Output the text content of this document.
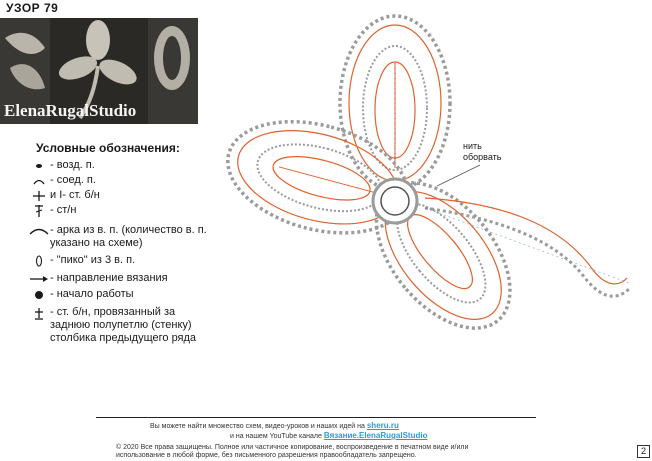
УЗОР 79
ElenaRugalStudio
Условные обозначения:
- возд. п.
- соед. п.
и I- ст. б/н
- ст/н
- арка из в. п. (количество в. п. указано на схеме)
- "пико" из 3 в. п.
- направление вязания
- начало работы
- ст. б/н, провязанный за заднюю полупетлю (стенку) столбика предыдущего ряда
нить
оборвать
Вы можете найти множество схем, видео-уроков и наших идей на sheru.ru
и на нашем YouTube канале Вязание.ElenaRugalStudio
© 2020 Все права защищены. Полное или частичное копирование, воспроизведение в печатном виде и/или использование в любой форме, без письменного разрешения правообладатель запрещено.	2
